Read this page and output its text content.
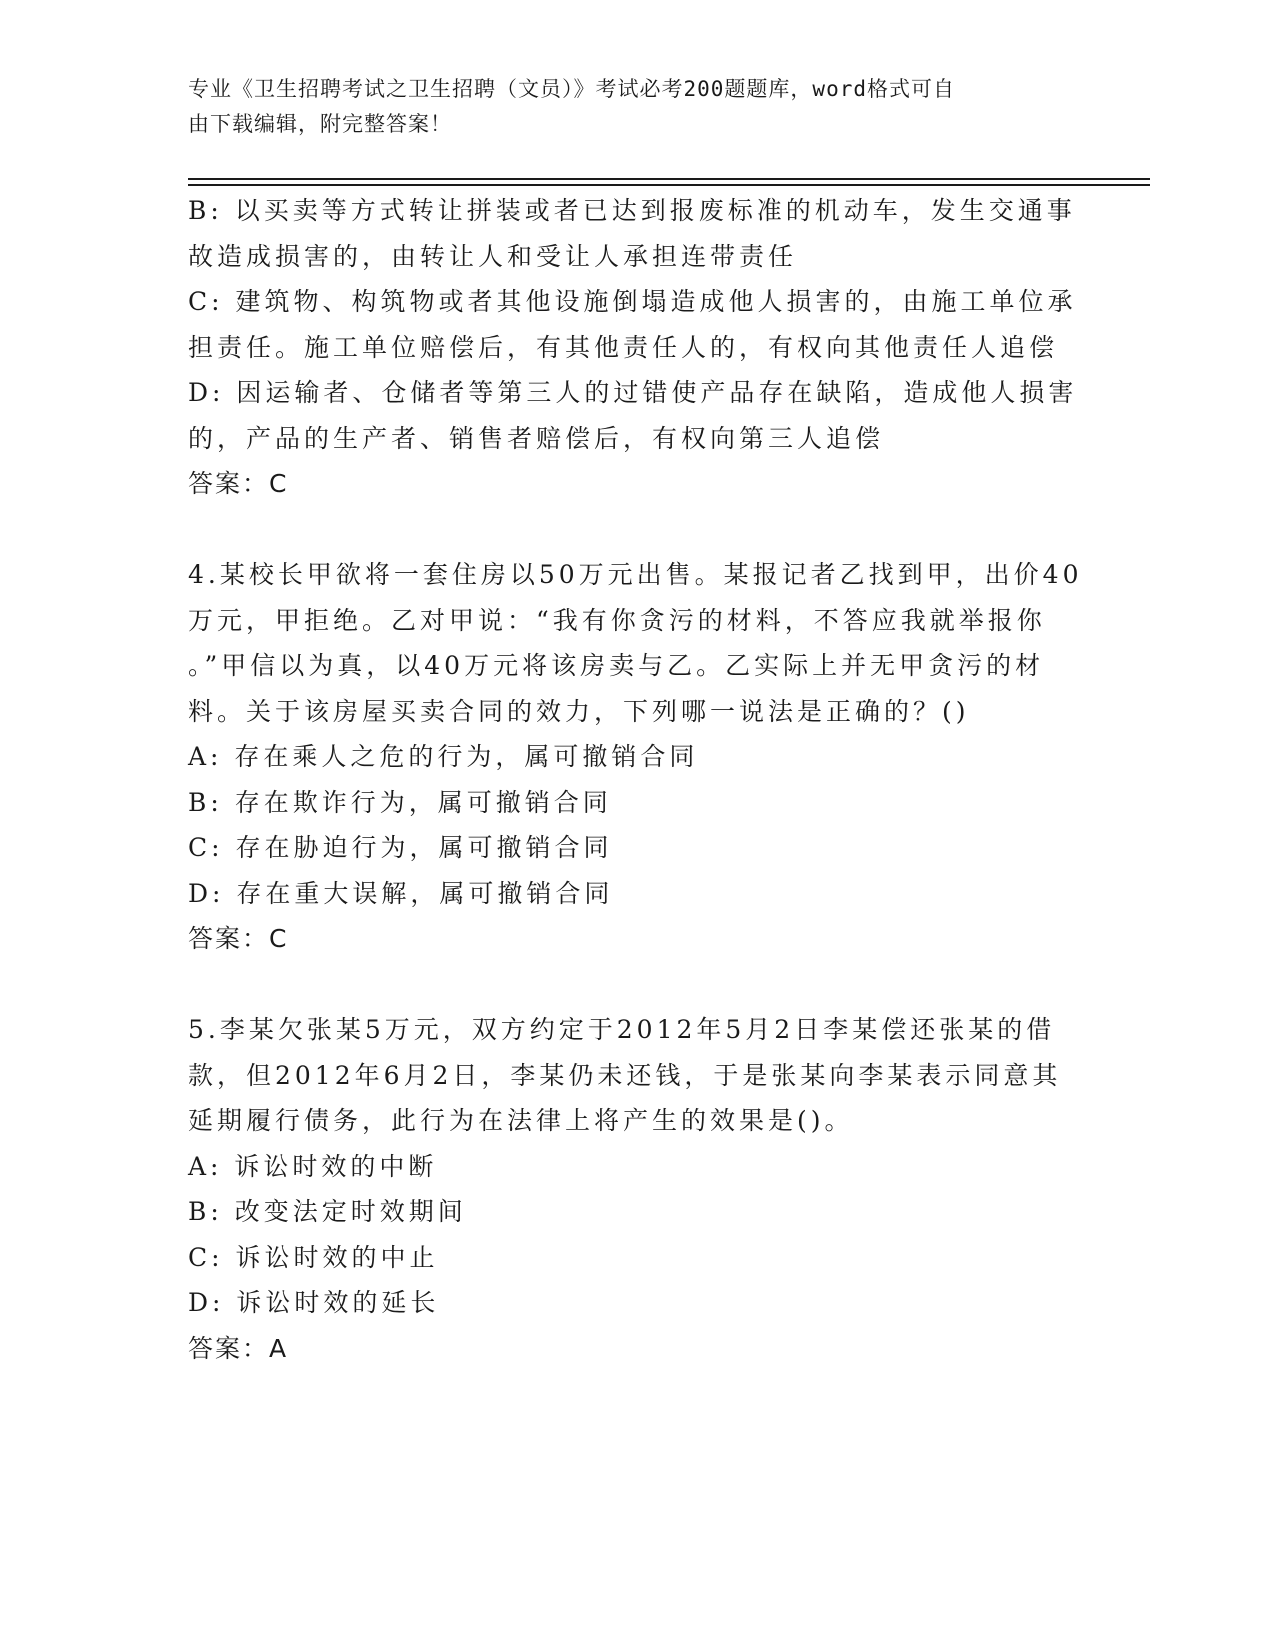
专业《卫生招聘考试之卫生招聘（文员）》考试必考200题题库，word格式可自
由下载编辑，附完整答案！
B: 以买卖等方式转让拼装或者已达到报废标准的机动车，发生交通事
故造成损害的，由转让人和受让人承担连带责任
C: 建筑物、构筑物或者其他设施倒塌造成他人损害的，由施工单位承
担责任。施工单位赔偿后，有其他责任人的，有权向其他责任人追偿
D: 因运输者、仓储者等第三人的过错使产品存在缺陷，造成他人损害
的，产品的生产者、销售者赔偿后，有权向第三人追偿
答案：C
4.某校长甲欲将一套住房以50万元出售。某报记者乙找到甲，出价40
万元，甲拒绝。乙对甲说：“我有你贪污的材料，不答应我就举报你
。”甲信以为真，以40万元将该房卖与乙。乙实际上并无甲贪污的材
料。关于该房屋买卖合同的效力，下列哪一说法是正确的？()
A: 存在乘人之危的行为，属可撤销合同
B: 存在欺诈行为，属可撤销合同
C: 存在胁迫行为，属可撤销合同
D: 存在重大误解，属可撤销合同
答案：C
5.李某欠张某5万元，双方约定于2012年5月2日李某偿还张某的借
款，但2012年6月2日，李某仍未还钱，于是张某向李某表示同意其
延期履行债务，此行为在法律上将产生的效果是()。
A: 诉讼时效的中断
B: 改变法定时效期间
C: 诉讼时效的中止
D: 诉讼时效的延长
答案：A
